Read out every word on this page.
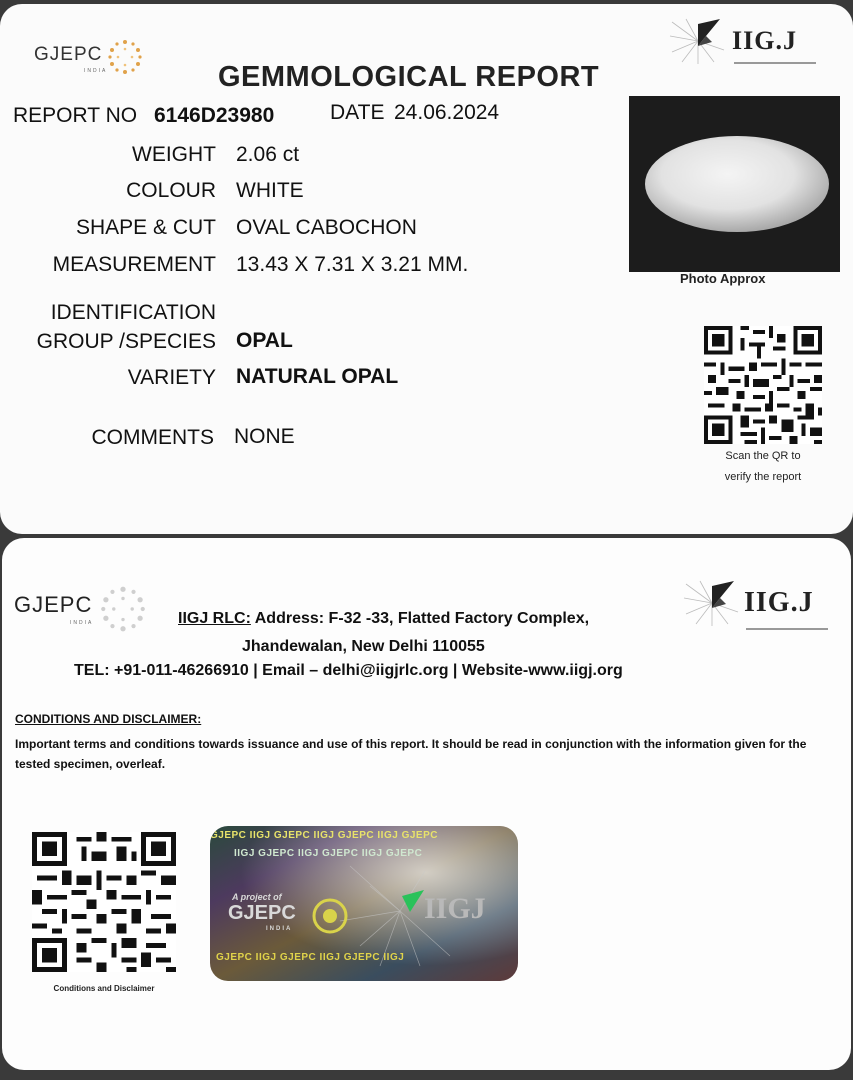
GJEPC
INDIA
IIG.J
GEMMOLOGICAL REPORT
REPORT NO 6146D23980	DATE 24.06.2024
WEIGHT 2.06 ct
COLOUR WHITE
SHAPE & CUT OVAL CABOCHON
MEASUREMENT 13.43 X 7.31 X 3.21 MM.
IDENTIFICATION
GROUP /SPECIES OPAL
VARIETY NATURAL OPAL
COMMENTS NONE
Photo Approx
Scan the QR to
verify the report
GJEPC
INDIA
IIG.J
IIGJ RLC: Address: F-32 -33, Flatted Factory Complex,
Jhandewalan, New Delhi 110055
TEL: +91-011-46266910 | Email – delhi@iigjrlc.org | Website-www.iigj.org
CONDITIONS AND DISCLAIMER:
Important terms and conditions towards issuance and use of this report. It should be read in conjunction with the information given for the tested specimen, overleaf.
Conditions and Disclaimer
GJEPC IIGJ GJEPC IIGJ GJEPC IIGJ GJEPC
IIGJ GJEPC IIGJ GJEPC IIGJ GJEPC
A project of
GJEPC
INDIA
IIGJ
GJEPC IIGJ GJEPC IIGJ GJEPC IIGJ
